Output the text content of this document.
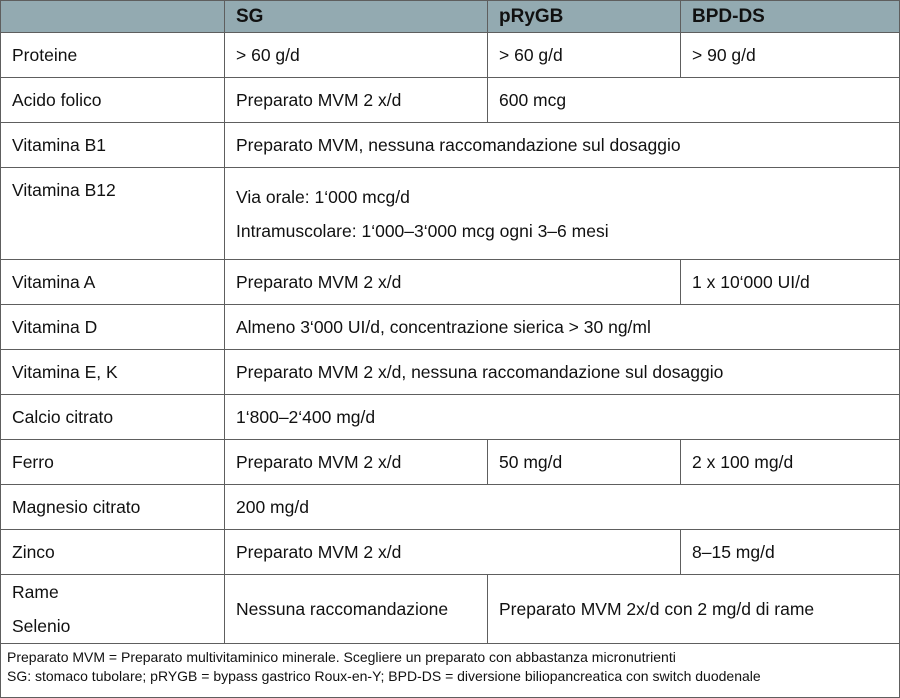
	SG	pRyGB	BPD-DS
Proteine	> 60 g/d	> 60 g/d	> 90 g/d
Acido folico	Preparato MVM 2 x/d	600 mcg	
Vitamina B1	Preparato MVM, nessuna raccomandazione sul dosaggio		
Vitamina B12	Via orale: 1‘000 mcg/d
Intramuscolare: 1‘000–3‘000 mcg ogni 3–6 mesi		

Vitamina A	Preparato MVM 2 x/d		1 x 10‘000 UI/d
Vitamina D	Almeno 3‘000 UI/d, concentrazione sierica > 30 ng/ml		
Vitamina E, K	Preparato MVM 2 x/d, nessuna raccomandazione sul dosaggio		
Calcio citrato	1‘800–2‘400 mg/d		
Ferro	Preparato MVM 2 x/d	50 mg/d	2 x 100 mg/d
Magnesio citrato	200 mg/d		
Zinco	Preparato MVM 2 x/d		8–15 mg/d

Rame
Selenio	Nessuna raccomandazione	Preparato MVM 2x/d con 2 mg/d di rame	

Preparato MVM = Preparato multivitaminico minerale. Scegliere un preparato con abbastanza micronutrienti
SG: stomaco tubolare; pRYGB = bypass gastrico Roux-en-Y; BPD-DS = diversione biliopancreatica con switch duodenale			
